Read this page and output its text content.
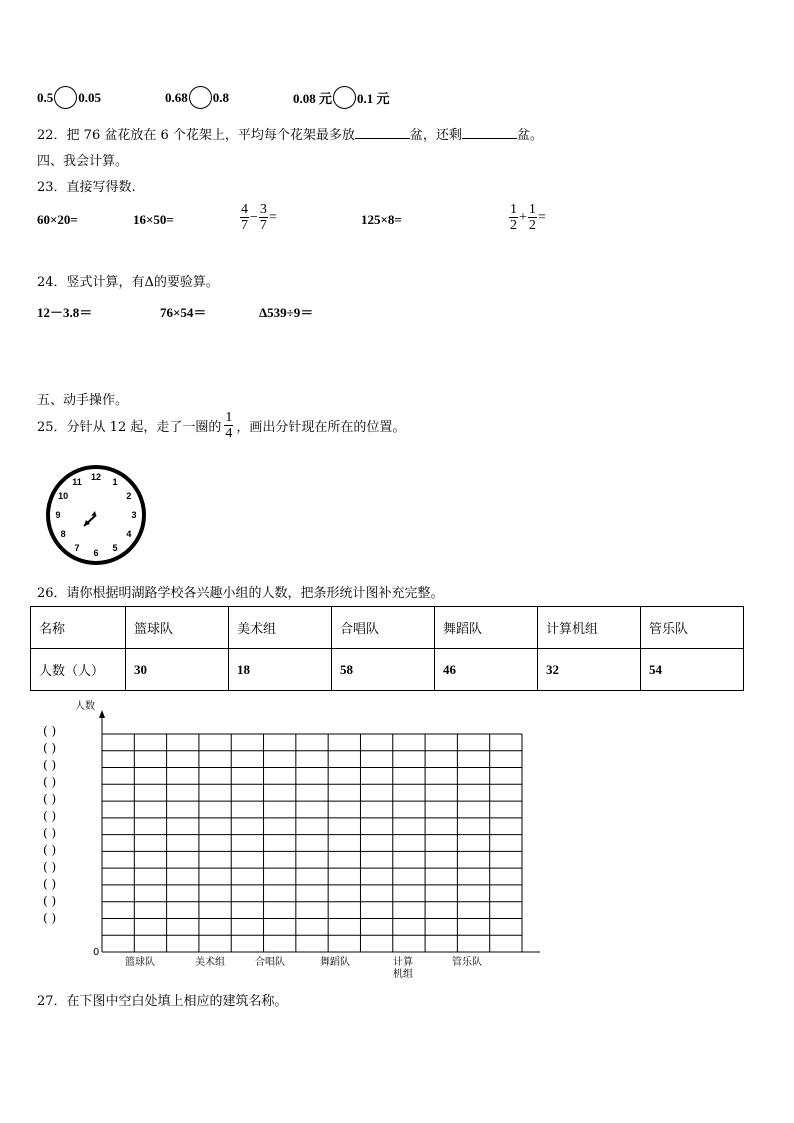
0.5 0.05	0.68 0.8	0.08 元 0.1 元
22．把 76 盆花放在 6 个花架上，平均每个花架最多放	盆，还剩	盆。
四、我会计算。
23．直接写得数.
60×20=	16×50=	$\frac{4}{7} - \frac{3}{7}$ =	125×8=	$\frac{1}{2} + \frac{1}{2}$ =
24．竖式计算，有Δ的要验算。
12－3.8＝	76×54＝	Δ539÷9＝
五、动手操作。
25．分针从 12 起，走了一圈的 $\frac{1}{4}$ ，画出分针现在所在的位置。
12
1
2
3
4
5
6
7
8
9
10
11
26．请你根据明湖路学校各兴趣小组的人数，把条形统计图补充完整。
名称	篮球队	美术组	合唱队	舞蹈队	计算机组	管乐队
人数（人）	30	18	58	46	32	54
人数
( )
( )
( )
( )
( )
( )
( )
( )
( )
( )
( )
( )
0
篮球队	美术组	合唱队	舞蹈队	计算
机组
管乐队
27．在下图中空白处填上相应的建筑名称。
